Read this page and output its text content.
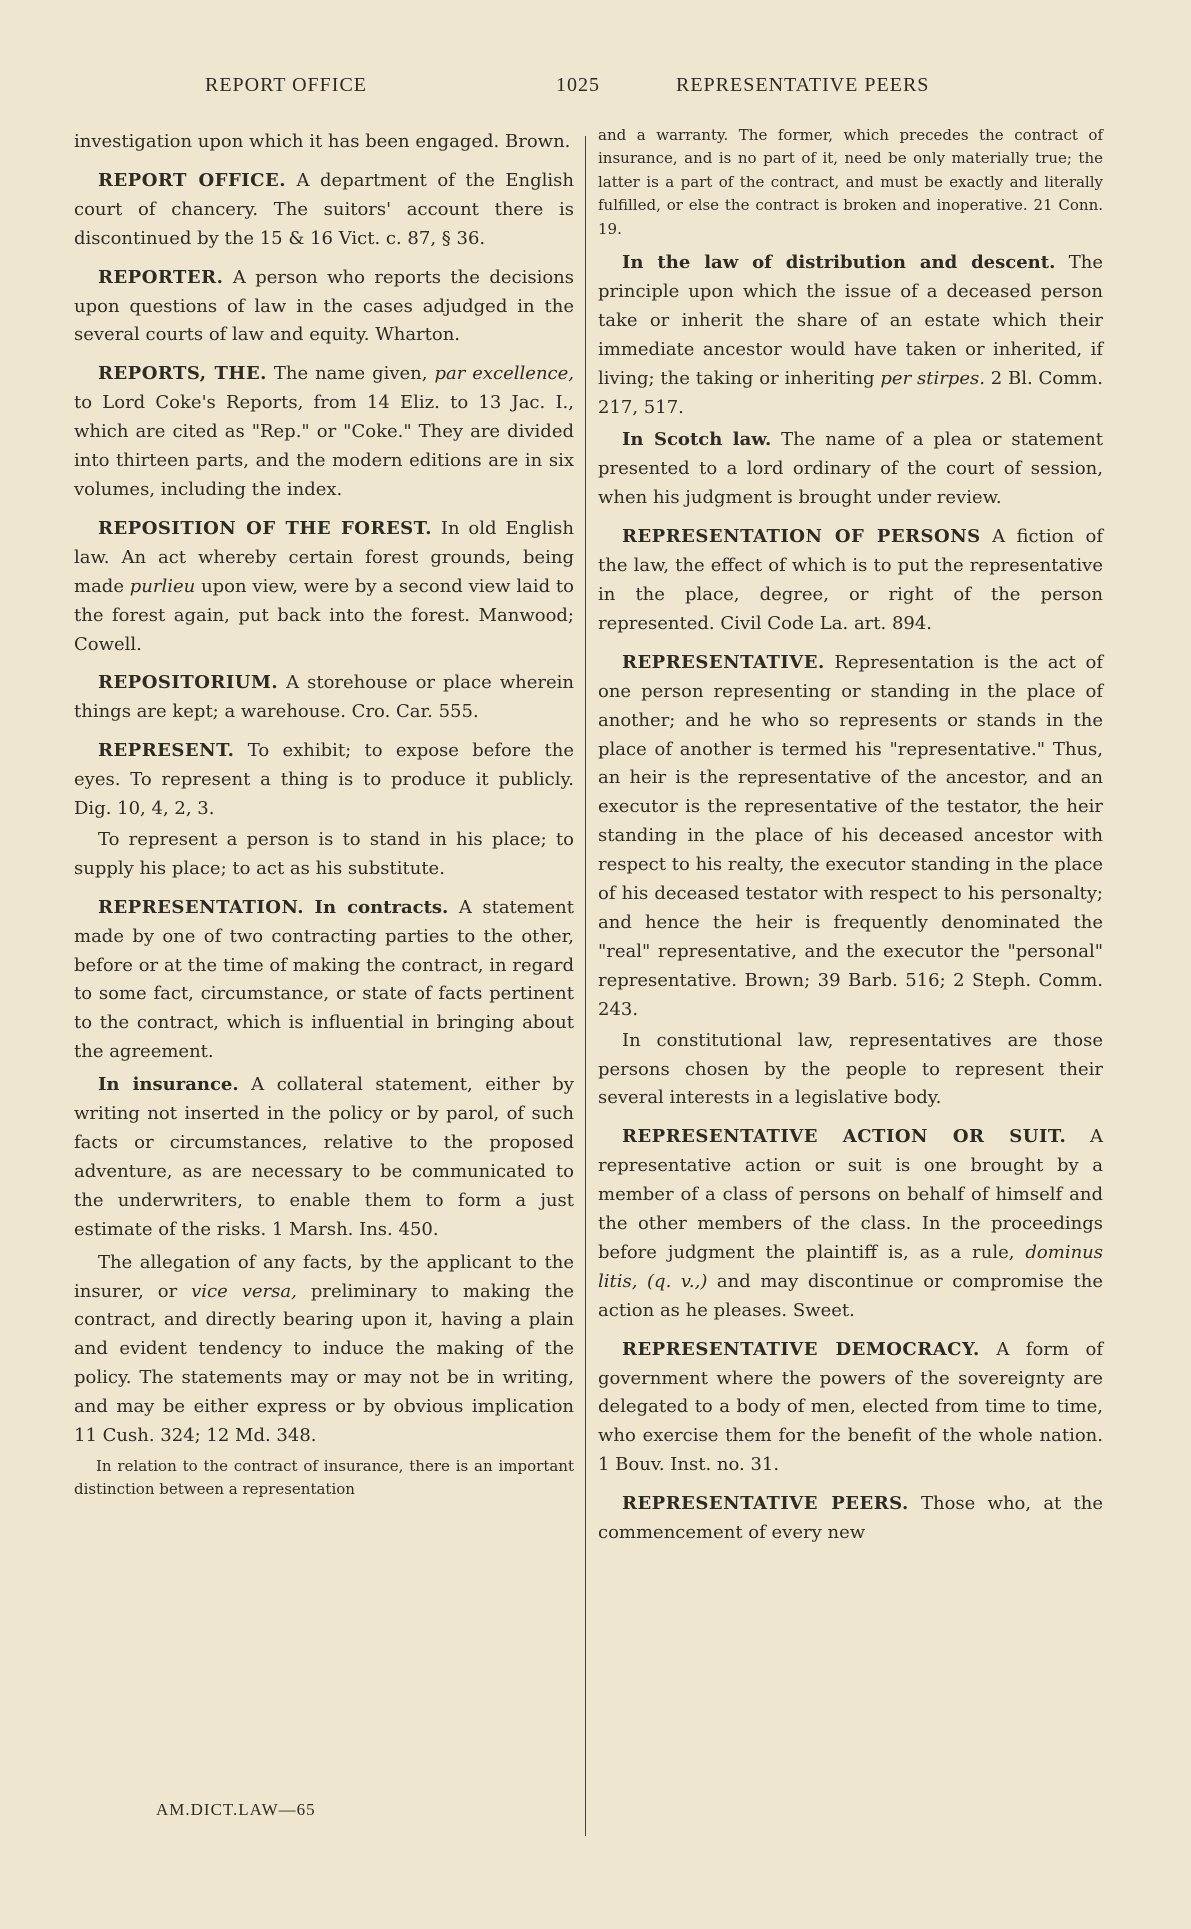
REPORT OFFICE	1025	REPRESENTATIVE PEERS

investigation upon which it has been engaged. Brown.

REPORT OFFICE. A department of the English court of chancery. The suitors' account there is discontinued by the 15 & 16 Vict. c. 87, § 36.

REPORTER. A person who reports the decisions upon questions of law in the cases adjudged in the several courts of law and equity. Wharton.

REPORTS, THE. The name given, par excellence, to Lord Coke's Reports, from 14 Eliz. to 13 Jac. I., which are cited as "Rep." or "Coke." They are divided into thirteen parts, and the modern editions are in six volumes, including the index.

REPOSITION OF THE FOREST. In old English law. An act whereby certain forest grounds, being made purlieu upon view, were by a second view laid to the forest again, put back into the forest. Manwood; Cowell.

REPOSITORIUM. A storehouse or place wherein things are kept; a warehouse. Cro. Car. 555.

REPRESENT. To exhibit; to expose before the eyes. To represent a thing is to produce it publicly. Dig. 10, 4, 2, 3.

To represent a person is to stand in his place; to supply his place; to act as his substitute.

REPRESENTATION. In contracts. A statement made by one of two contracting parties to the other, before or at the time of making the contract, in regard to some fact, circumstance, or state of facts pertinent to the contract, which is influential in bringing about the agreement.

In insurance. A collateral statement, either by writing not inserted in the policy or by parol, of such facts or circumstances, relative to the proposed adventure, as are necessary to be communicated to the underwriters, to enable them to form a just estimate of the risks. 1 Marsh. Ins. 450.

The allegation of any facts, by the applicant to the insurer, or vice versa, preliminary to making the contract, and directly bearing upon it, having a plain and evident tendency to induce the making of the policy. The statements may or may not be in writing, and may be either express or by obvious implication 11 Cush. 324; 12 Md. 348.

In relation to the contract of insurance, there is an important distinction between a representation

and a warranty. The former, which precedes the contract of insurance, and is no part of it, need be only materially true; the latter is a part of the contract, and must be exactly and literally fulfilled, or else the contract is broken and inoperative. 21 Conn. 19.

In the law of distribution and descent. The principle upon which the issue of a deceased person take or inherit the share of an estate which their immediate ancestor would have taken or inherited, if living; the taking or inheriting per stirpes. 2 Bl. Comm. 217, 517.

In Scotch law. The name of a plea or statement presented to a lord ordinary of the court of session, when his judgment is brought under review.

REPRESENTATION OF PERSONS A fiction of the law, the effect of which is to put the representative in the place, degree, or right of the person represented. Civil Code La. art. 894.

REPRESENTATIVE. Representation is the act of one person representing or standing in the place of another; and he who so represents or stands in the place of another is termed his "representative." Thus, an heir is the representative of the ancestor, and an executor is the representative of the testator, the heir standing in the place of his deceased ancestor with respect to his realty, the executor standing in the place of his deceased testator with respect to his personalty; and hence the heir is frequently denominated the "real" representative, and the executor the "personal" representative. Brown; 39 Barb. 516; 2 Steph. Comm. 243.

In constitutional law, representatives are those persons chosen by the people to represent their several interests in a legislative body.

REPRESENTATIVE ACTION OR SUIT. A representative action or suit is one brought by a member of a class of persons on behalf of himself and the other members of the class. In the proceedings before judgment the plaintiff is, as a rule, dominus litis, (q. v.,) and may discontinue or compromise the action as he pleases. Sweet.

REPRESENTATIVE DEMOCRACY. A form of government where the powers of the sovereignty are delegated to a body of men, elected from time to time, who exercise them for the benefit of the whole nation. 1 Bouv. Inst. no. 31.

REPRESENTATIVE PEERS. Those who, at the commencement of every new

AM.DICT.LAW—65
